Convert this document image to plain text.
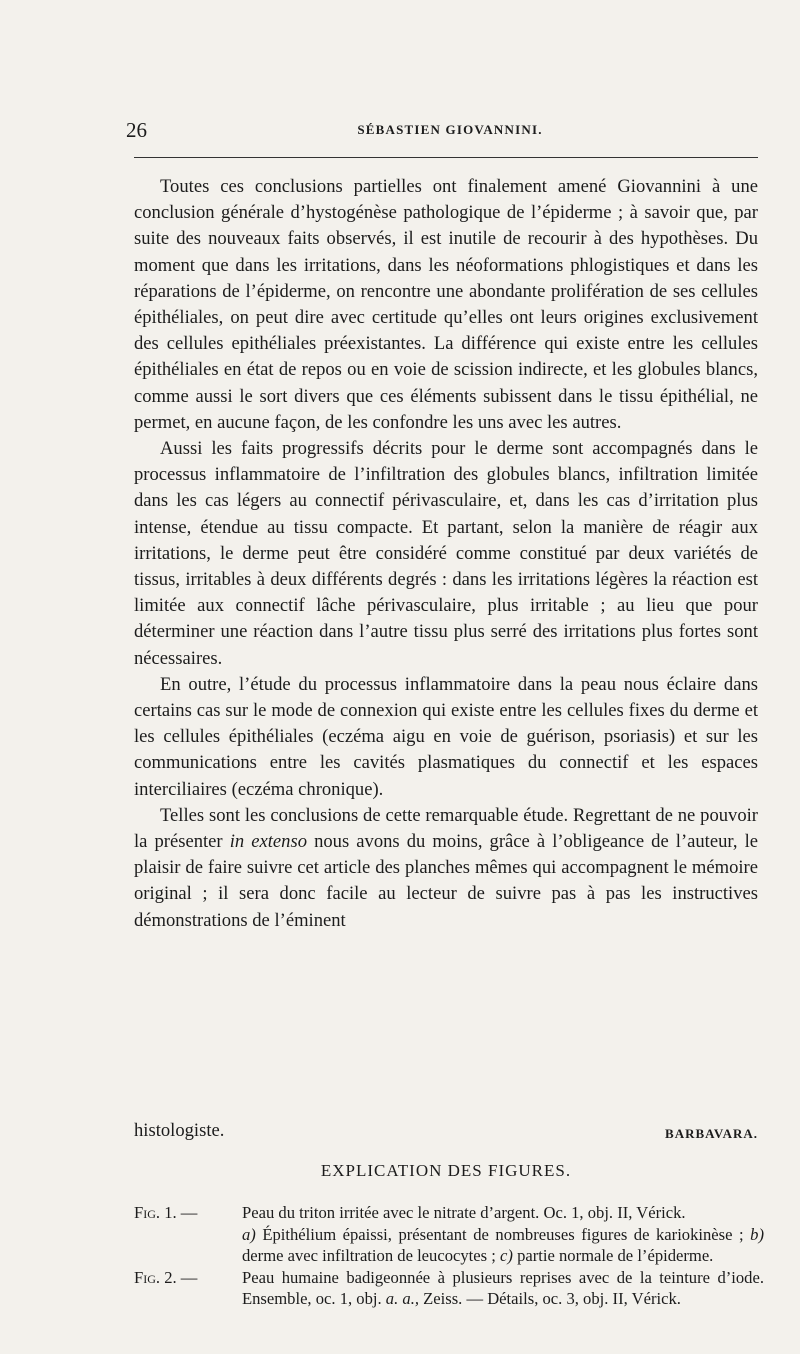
26	SÉBASTIEN GIOVANNINI.

Toutes ces conclusions partielles ont finalement amené Giovannini à une conclusion générale d’hystogénèse pathologique de l’épiderme ; à savoir que, par suite des nouveaux faits observés, il est inutile de recourir à des hypothèses. Du moment que dans les irritations, dans les néoformations phlogistiques et dans les réparations de l’épiderme, on rencontre une abondante prolifération de ses cellules épithéliales, on peut dire avec certitude qu’elles ont leurs origines exclusivement des cellules epithéliales préexistantes. La différence qui existe entre les cellules épithéliales en état de repos ou en voie de scission indirecte, et les globules blancs, comme aussi le sort divers que ces éléments subissent dans le tissu épithélial, ne permet, en aucune façon, de les confondre les uns avec les autres.

Aussi les faits progressifs décrits pour le derme sont accompagnés dans le processus inflammatoire de l’infiltration des globules blancs, infiltration limitée dans les cas légers au connectif périvasculaire, et, dans les cas d’irritation plus intense, étendue au tissu compacte. Et partant, selon la manière de réagir aux irritations, le derme peut être considéré comme constitué par deux variétés de tissus, irritables à deux différents degrés : dans les irritations légères la réaction est limitée aux connectif lâche périvasculaire, plus irritable ; au lieu que pour déterminer une réaction dans l’autre tissu plus serré des irritations plus fortes sont nécessaires.

En outre, l’étude du processus inflammatoire dans la peau nous éclaire dans certains cas sur le mode de connexion qui existe entre les cellules fixes du derme et les cellules épithéliales (eczéma aigu en voie de guérison, psoriasis) et sur les communications entre les cavités plasmatiques du connectif et les espaces interciliaires (eczéma chronique).

Telles sont les conclusions de cette remarquable étude. Regrettant de ne pouvoir la présenter in extenso nous avons du moins, grâce à l’obligeance de l’auteur, le plaisir de faire suivre cet article des planches mêmes qui accompagnent le mémoire original ; il sera donc facile au lecteur de suivre pas à pas les instructives démonstrations de l’éminent

histologiste.	BARBAVARA.
EXPLICATION DES FIGURES.
Fig. 1. —	Peau du triton irritée avec le nitrate d’argent. Oc. 1, obj. II, Vérick.
a) Épithélium épaissi, présentant de nombreuses figures de kariokinèse ; b) derme avec infiltration de leucocytes ; c) partie normale de l’épiderme.
Fig. 2. —	Peau humaine badigeonnée à plusieurs reprises avec de la teinture d’iode. Ensemble, oc. 1, obj. a. a., Zeiss. — Détails, oc. 3, obj. II, Vérick.
